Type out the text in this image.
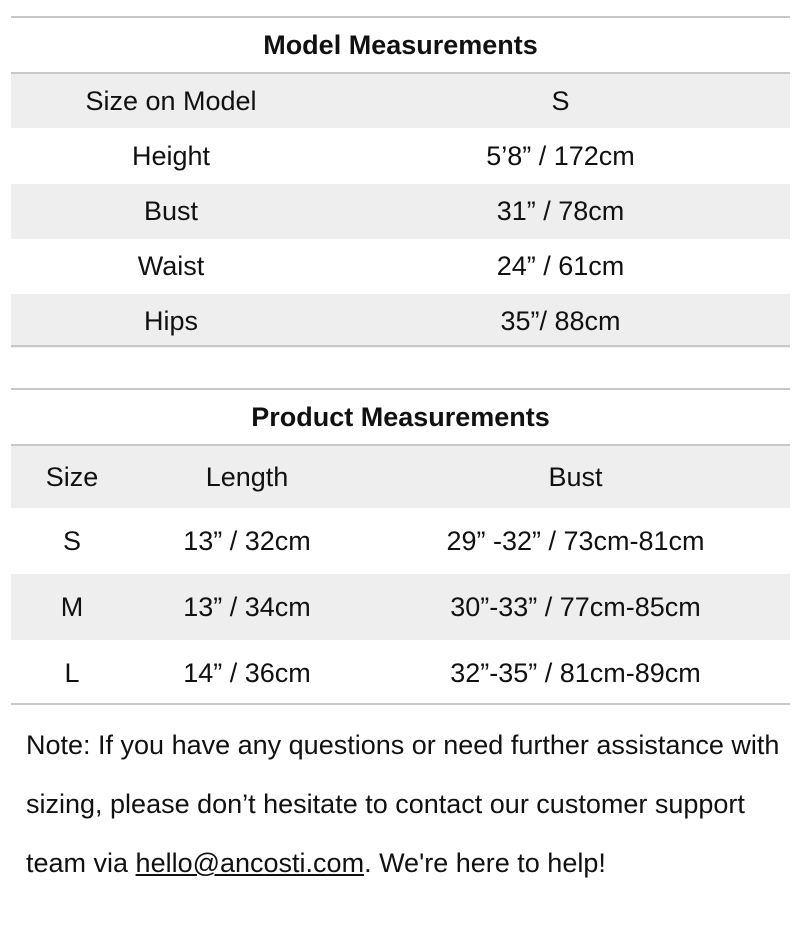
Model Measurements
Size on Model	S
Height	5’8” / 172cm
Bust	31” / 78cm
Waist	24” / 61cm
Hips	35”/ 88cm
Product Measurements
Size	Length	Bust
S	13” / 32cm	29” -32” / 73cm-81cm
M	13” / 34cm	30”-33” / 77cm-85cm
L	14” / 36cm	32”-35” / 81cm-89cm
Note: If you have any questions or need further assistance with sizing, please don’t hesitate to contact our customer support team via hello@ancosti.com. We're here to help!
